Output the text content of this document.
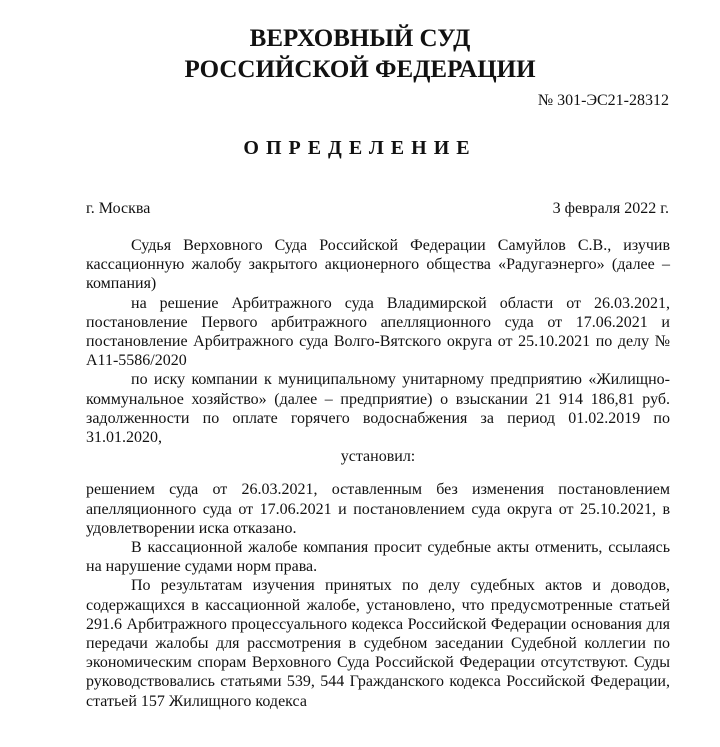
ВЕРХОВНЫЙ СУД
РОССИЙСКОЙ ФЕДЕРАЦИИ
№ 301-ЭС21-28312
ОПРЕДЕЛЕНИЕ
г. Москва	3 февраля 2022 г.

Судья Верховного Суда Российской Федерации Самуйлов С.В., изучив кассационную жалобу закрытого акционерного общества «Радугаэнерго» (далее – компания)

на решение Арбитражного суда Владимирской области от 26.03.2021, постановление Первого арбитражного апелляционного суда от 17.06.2021 и постановление Арбитражного суда Волго-Вятского округа от 25.10.2021 по делу № А11-5586/2020

по иску компании к муниципальному унитарному предприятию «Жилищно-коммунальное хозяйство» (далее – предприятие) о взыскании 21 914 186,81 руб. задолженности по оплате горячего водоснабжения за период 01.02.2019 по 31.01.2020,

установил:

решением суда от 26.03.2021, оставленным без изменения постановлением апелляционного суда от 17.06.2021 и постановлением суда округа от 25.10.2021, в удовлетворении иска отказано.

В кассационной жалобе компания просит судебные акты отменить, ссылаясь на нарушение судами норм права.

По результатам изучения принятых по делу судебных актов и доводов, содержащихся в кассационной жалобе, установлено, что предусмотренные статьей 291.6 Арбитражного процессуального кодекса Российской Федерации основания для передачи жалобы для рассмотрения в судебном заседании Судебной коллегии по экономическим спорам Верховного Суда Российской Федерации отсутствуют. Суды руководствовались статьями 539, 544 Гражданского кодекса Российской Федерации, статьей 157 Жилищного кодекса
